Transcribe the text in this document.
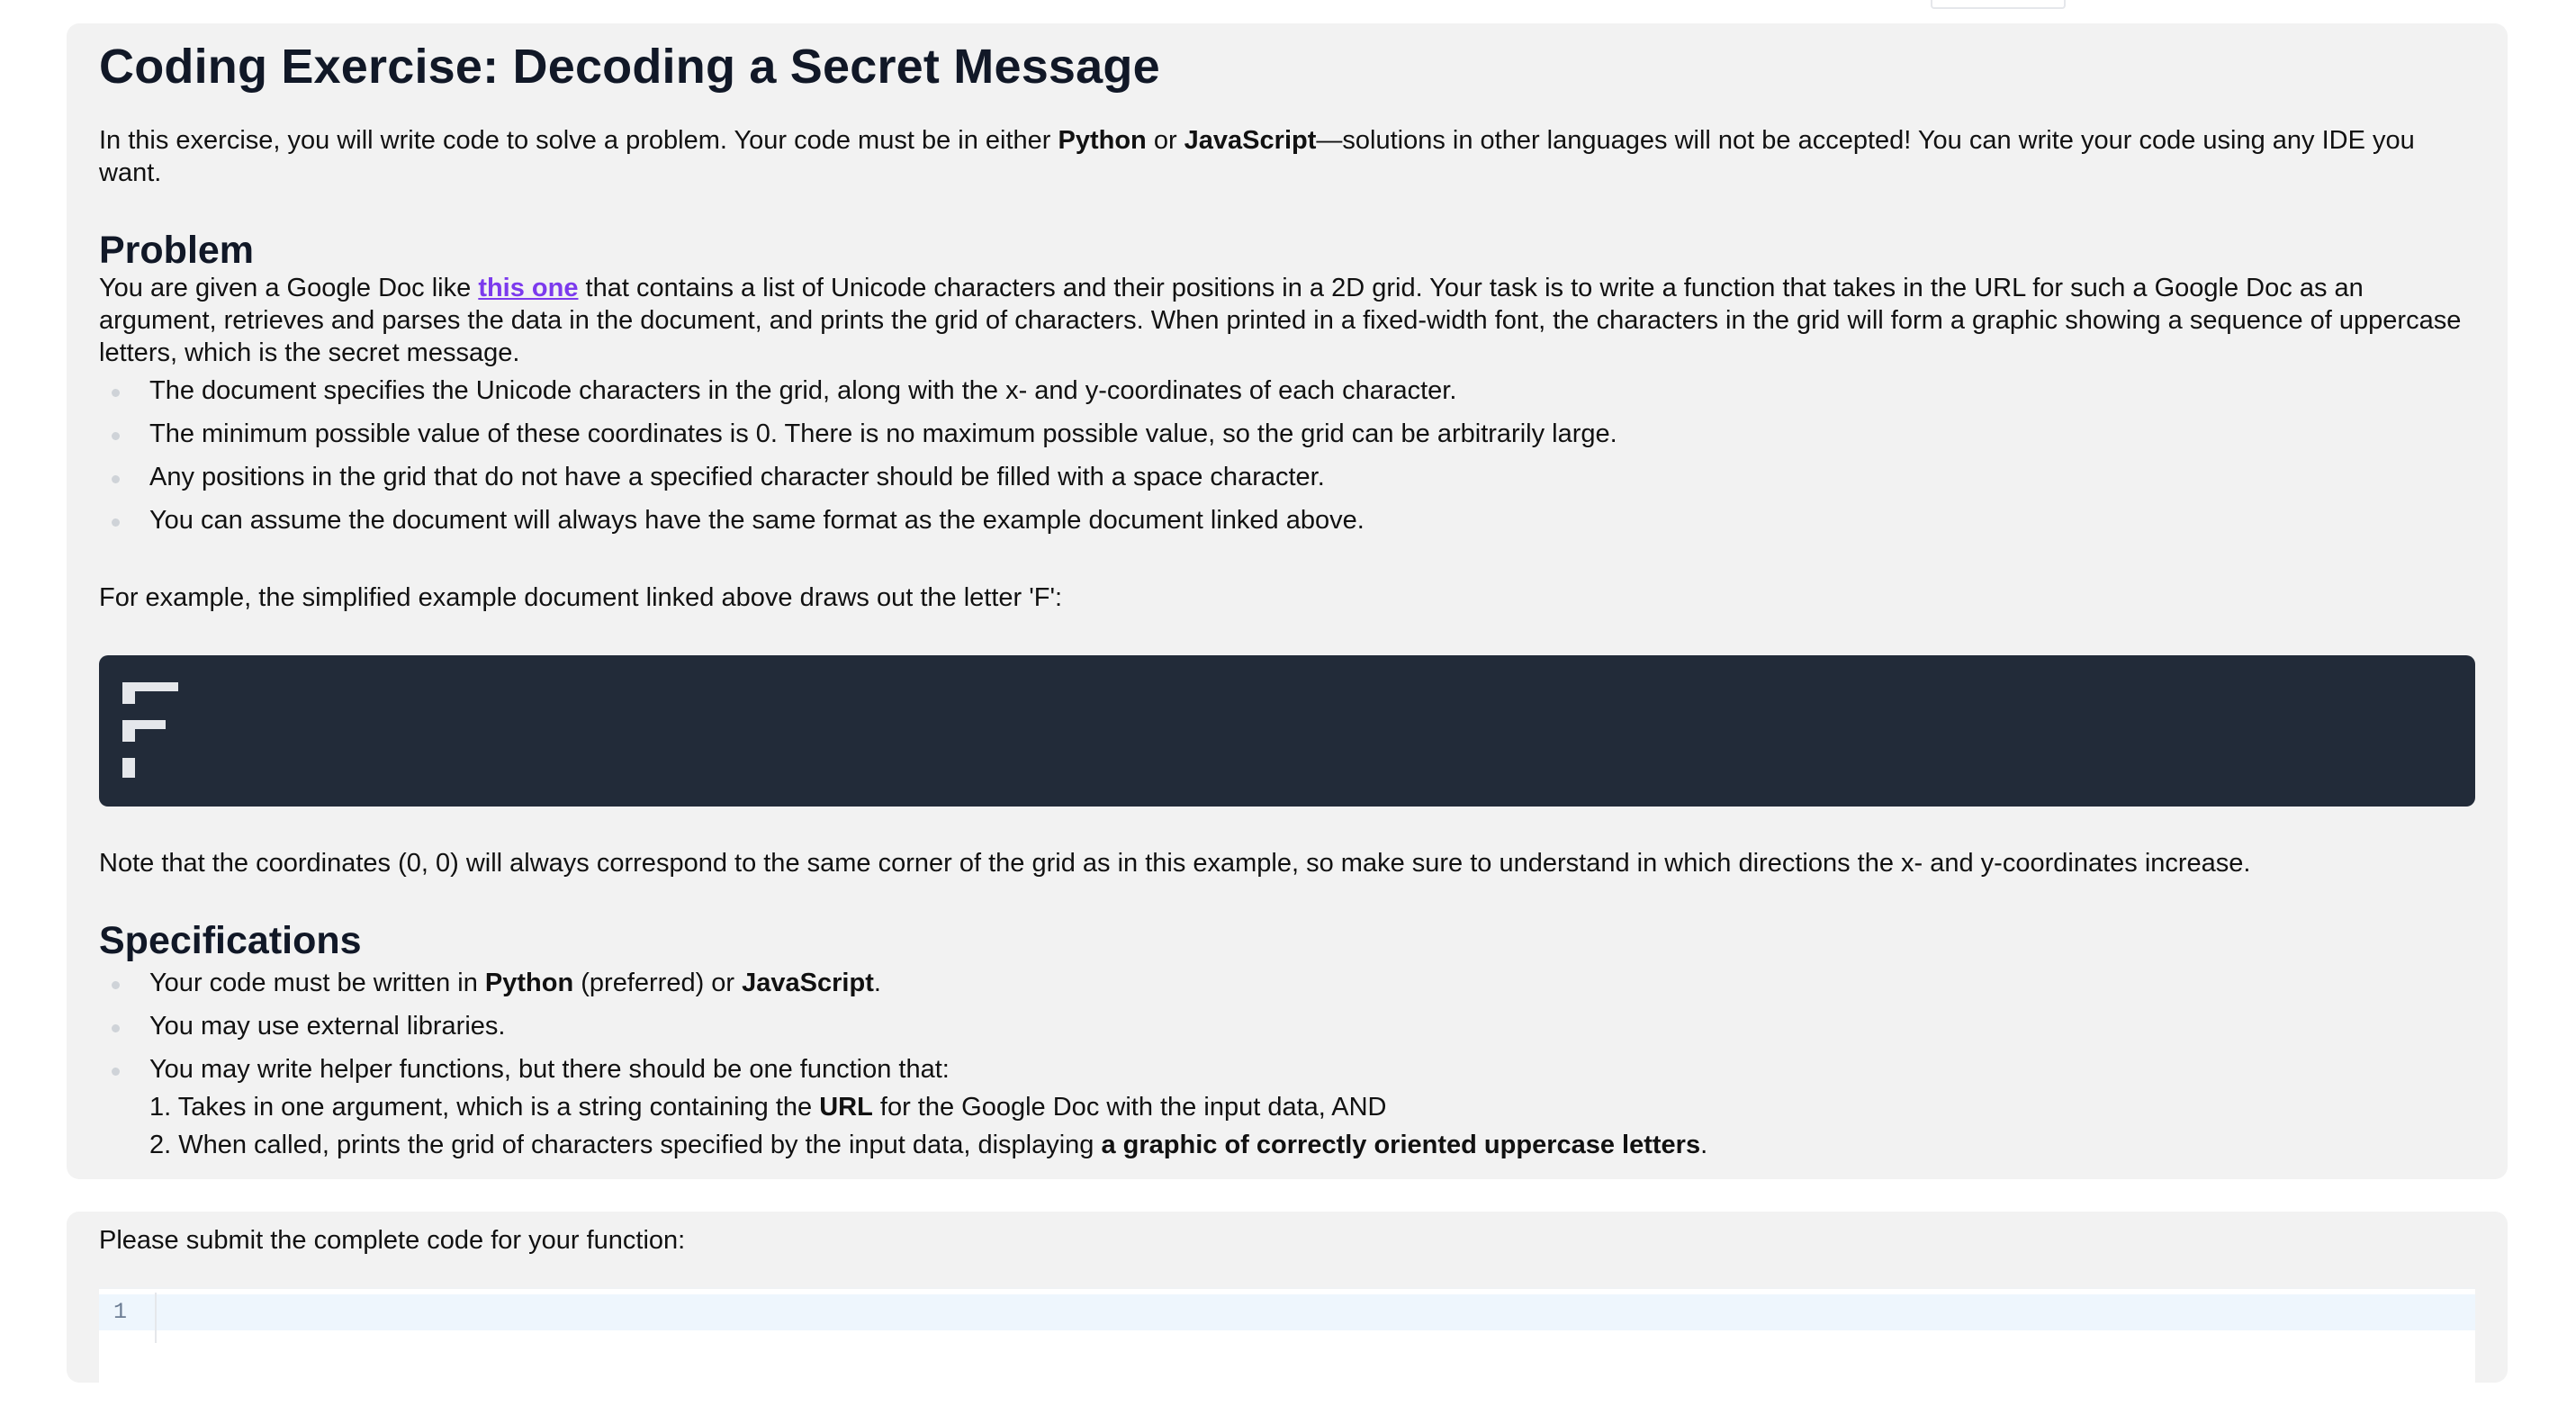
Coding Exercise: Decoding a Secret Message

In this exercise, you will write code to solve a problem. Your code must be in either Python or JavaScript—solutions in other languages will not be accepted! You can write your code using any IDE you want.

Problem

You are given a Google Doc like this one that contains a list of Unicode characters and their positions in a 2D grid. Your task is to write a function that takes in the URL for such a Google Doc as an argument, retrieves and parses the data in the document, and prints the grid of characters. When printed in a fixed-width font, the characters in the grid will form a graphic showing a sequence of uppercase letters, which is the secret message.

The document specifies the Unicode characters in the grid, along with the x- and y-coordinates of each character.
The minimum possible value of these coordinates is 0. There is no maximum possible value, so the grid can be arbitrarily large.
Any positions in the grid that do not have a specified character should be filled with a space character.
You can assume the document will always have the same format as the example document linked above.

For example, the simplified example document linked above draws out the letter 'F':

Note that the coordinates (0, 0) will always correspond to the same corner of the grid as in this example, so make sure to understand in which directions the x- and y-coordinates increase.

Specifications
Your code must be written in Python (preferred) or JavaScript.
You may use external libraries.
You may write helper functions, but there should be one function that:
1. Takes in one argument, which is a string containing the URL for the Google Doc with the input data, AND
2. When called, prints the grid of characters specified by the input data, displaying a graphic of correctly oriented uppercase letters.

Please submit the complete code for your function:

1
